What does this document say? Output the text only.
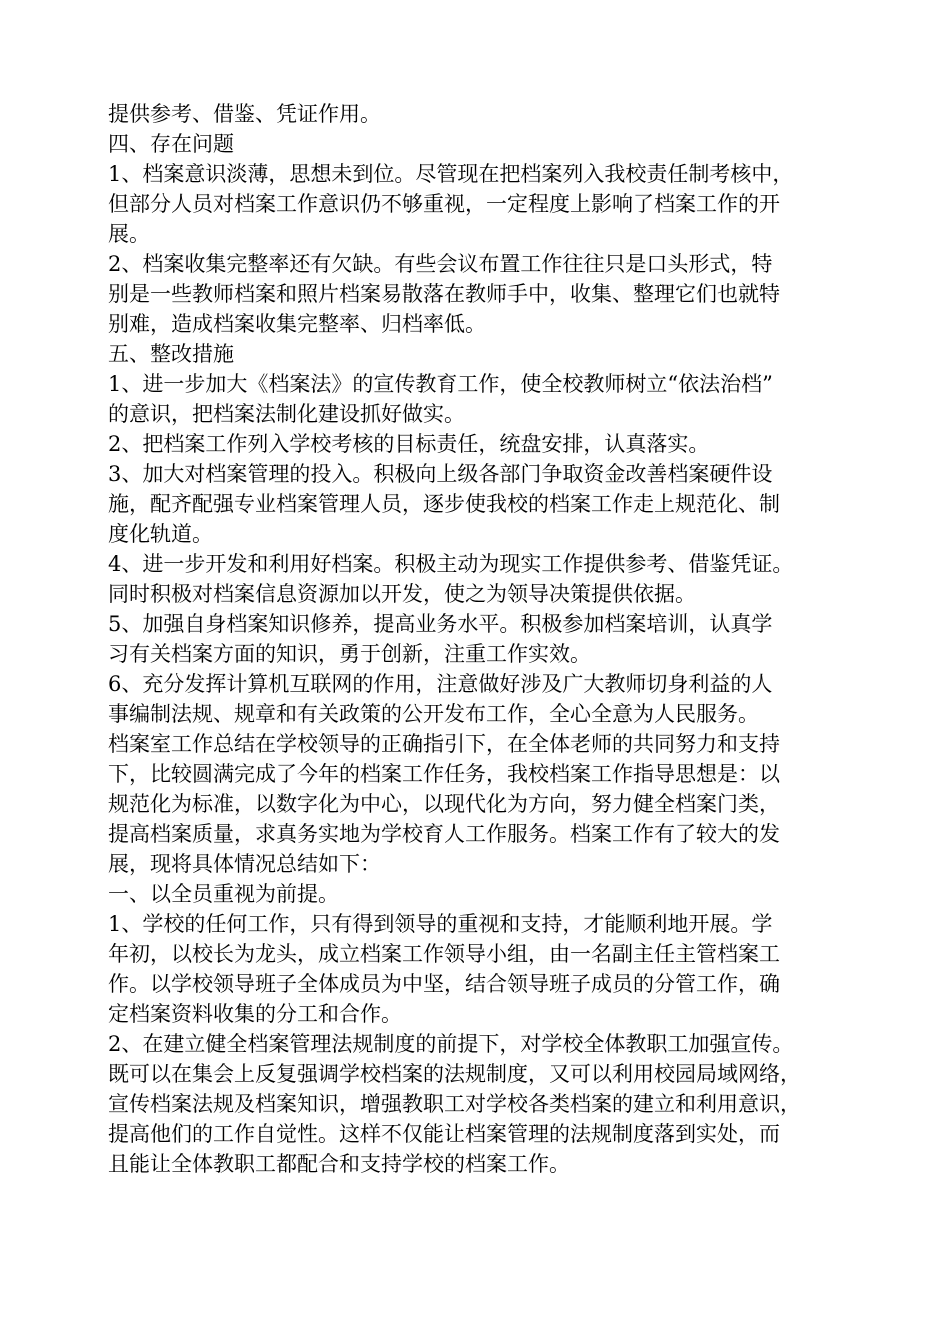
提供参考、借鉴、凭证作用。
四、存在问题
1、档案意识淡薄，思想未到位。尽管现在把档案列入我校责任制考核中，
但部分人员对档案工作意识仍不够重视，一定程度上影响了档案工作的开
展。
2、档案收集完整率还有欠缺。有些会议布置工作往往只是口头形式，特
别是一些教师档案和照片档案易散落在教师手中，收集、整理它们也就特
别难，造成档案收集完整率、归档率低。
五、整改措施
1、进一步加大《档案法》的宣传教育工作，使全校教师树立“依法治档”
的意识，把档案法制化建设抓好做实。
2、把档案工作列入学校考核的目标责任，统盘安排，认真落实。
3、加大对档案管理的投入。积极向上级各部门争取资金改善档案硬件设
施，配齐配强专业档案管理人员，逐步使我校的档案工作走上规范化、制
度化轨道。
4、进一步开发和利用好档案。积极主动为现实工作提供参考、借鉴凭证。
同时积极对档案信息资源加以开发，使之为领导决策提供依据。
5、加强自身档案知识修养，提高业务水平。积极参加档案培训，认真学
习有关档案方面的知识，勇于创新，注重工作实效。
6、充分发挥计算机互联网的作用，注意做好涉及广大教师切身利益的人
事编制法规、规章和有关政策的公开发布工作，全心全意为人民服务。
档案室工作总结在学校领导的正确指引下，在全体老师的共同努力和支持
下，比较圆满完成了今年的档案工作任务，我校档案工作指导思想是：以
规范化为标准，以数字化为中心，以现代化为方向，努力健全档案门类，
提高档案质量，求真务实地为学校育人工作服务。档案工作有了较大的发
展，现将具体情况总结如下：
一、以全员重视为前提。
1、学校的任何工作，只有得到领导的重视和支持，才能顺利地开展。学
年初，以校长为龙头，成立档案工作领导小组，由一名副主任主管档案工
作。以学校领导班子全体成员为中坚，结合领导班子成员的分管工作，确
定档案资料收集的分工和合作。
2、在建立健全档案管理法规制度的前提下，对学校全体教职工加强宣传。
既可以在集会上反复强调学校档案的法规制度，又可以利用校园局域网络，
宣传档案法规及档案知识，增强教职工对学校各类档案的建立和利用意识，
提高他们的工作自觉性。这样不仅能让档案管理的法规制度落到实处，而
且能让全体教职工都配合和支持学校的档案工作。
